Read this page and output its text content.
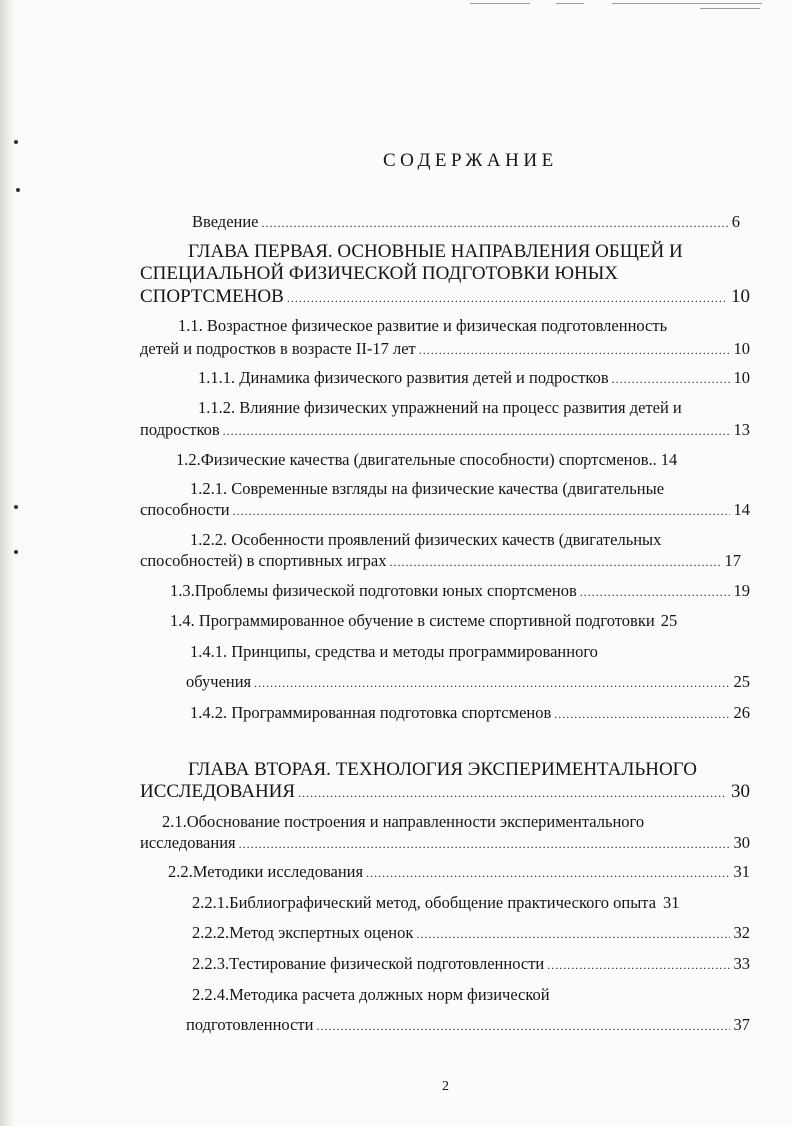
СОДЕРЖАНИЕ
Введение .....	6
ГЛАВА ПЕРВАЯ. ОСНОВНЫЕ НАПРАВЛЕНИЯ ОБЩЕЙ И
СПЕЦИАЛЬНОЙ ФИЗИЧЕСКОЙ ПОДГОТОВКИ ЮНЫХ
СПОРТСМЕНОВ .....	10
1.1. Возрастное физическое развитие и физическая подготовленность
детей и подростков в возрасте II-17 лет .....	10
1.1.1. Динамика физического развития детей и подростков .....	10
1.1.2. Влияние физических упражнений на процесс развития детей и
подростков .....	13
1.2.Физические качества (двигательные способности) спортсменов.. 14
1.2.1. Современные взгляды на физические качества (двигательные
способности .....	14
1.2.2. Особенности проявлений физических качеств (двигательных
способностей) в спортивных играх .....	17
1.3.Проблемы физической подготовки юных спортсменов .....	19
1.4. Программированное обучение в системе спортивной подготовки 25
1.4.1. Принципы, средства и методы программированного
обучения .....	25
1.4.2. Программированная подготовка спортсменов .....	26
ГЛАВА ВТОРАЯ. ТЕХНОЛОГИЯ ЭКСПЕРИМЕНТАЛЬНОГО
ИССЛЕДОВАНИЯ .....	30
2.1.Обоснование построения и направленности экспериментального
исследования .....	30
2.2.Методики исследования .....	31
2.2.1.Библиографический метод, обобщение практического опыта 31
2.2.2.Метод экспертных оценок .....	32
2.2.3.Тестирование физической подготовленности .....	33
2.2.4.Методика расчета должных норм физической
подготовленности .....	37
2
